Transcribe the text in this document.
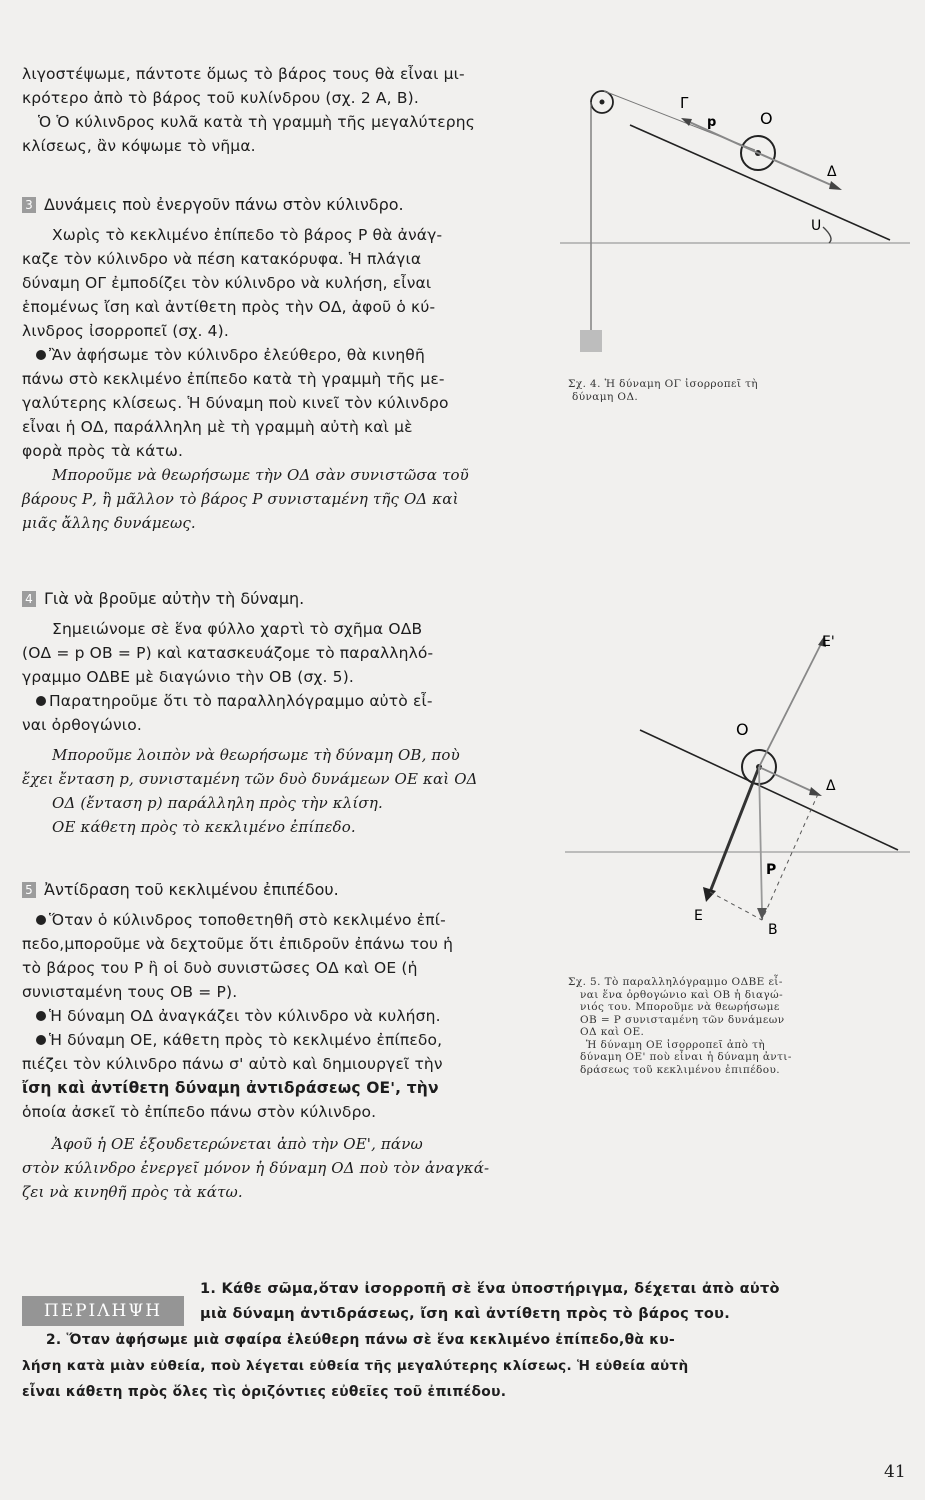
λιγοστέψωμε, πάντοτε ὅμως τὸ βάρος τους θὰ εἶναι μι-
κρότερο ἀπὸ τὸ βάρος τοῦ κυλίνδρου (σχ. 2 Α, Β).
Ὁ Ὁ κύλινδρος κυλᾶ κατὰ τὴ γραμμὴ τῆς μεγαλύτερης
κλίσεως, ἂν κόψωμε τὸ νῆμα.
3 Δυνάμεις ποὺ ἐνεργοῦν πάνω στὸν κύλινδρο.
Χωρὶς τὸ κεκλιμένο ἐπίπεδο τὸ βάρος Ρ θὰ ἀνάγ-
καζε τὸν κύλινδρο νὰ πέση κατακόρυφα. Ἡ πλάγια
δύναμη ΟΓ ἐμποδίζει τὸν κύλινδρο νὰ κυλήση, εἶναι
ἑπομένως ἴση καὶ ἀντίθετη πρὸς τὴν ΟΔ, ἀφοῦ ὁ κύ-
λινδρος ἰσορροπεῖ (σχ. 4).
Ἂν ἀφήσωμε τὸν κύλινδρο ἐλεύθερο, θὰ κινηθῆ
πάνω στὸ κεκλιμένο ἐπίπεδο κατὰ τὴ γραμμὴ τῆς με-
γαλύτερης κλίσεως. Ἡ δύναμη ποὺ κινεῖ τὸν κύλινδρο
εἶναι ἡ ΟΔ, παράλληλη μὲ τὴ γραμμὴ αὐτὴ καὶ μὲ
φορὰ πρὸς τὰ κάτω.
Μποροῦμε νὰ θεωρήσωμε τὴν ΟΔ σὰν συνιστῶσα τοῦ
βάρους Ρ, ἢ μᾶλλον τὸ βάρος Ρ συνισταμένη τῆς ΟΔ καὶ
μιᾶς ἄλλης δυνάμεως.
4 Γιὰ νὰ βροῦμε αὐτὴν τὴ δύναμη.
Σημειώνομε σὲ ἕνα φύλλο χαρτὶ τὸ σχῆμα ΟΔΒ
(ΟΔ = p ΟΒ = Ρ) καὶ κατασκευάζομε τὸ παραλληλό-
γραμμο ΟΔΒΕ μὲ διαγώνιο τὴν ΟΒ (σχ. 5).
Παρατηροῦμε ὅτι τὸ παραλληλόγραμμο αὐτὸ εἶ-
ναι ὀρθογώνιο.
Μποροῦμε λοιπὸν νὰ θεωρήσωμε τὴ δύναμη ΟΒ, ποὺ
ἔχει ἔνταση p, συνισταμένη τῶν δυὸ δυνάμεων ΟΕ καὶ ΟΔ
ΟΔ (ἔνταση p) παράλληλη πρὸς τὴν κλίση.
ΟΕ κάθετη πρὸς τὸ κεκλιμένο ἐπίπεδο.
5 Ἀντίδραση τοῦ κεκλιμένου ἐπιπέδου.
Ὅταν ὁ κύλινδρος τοποθετηθῆ στὸ κεκλιμένο ἐπί-
πεδο,μποροῦμε νὰ δεχτοῦμε ὅτι ἐπιδροῦν ἐπάνω του ἡ
τὸ βάρος του Ρ ἢ οἱ δυὸ συνιστῶσες ΟΔ καὶ ΟΕ (ἡ
συνισταμένη τους ΟΒ = Ρ).
Ἡ δύναμη ΟΔ ἀναγκάζει τὸν κύλινδρο νὰ κυλήση.
Ἡ δύναμη ΟΕ, κάθετη πρὸς τὸ κεκλιμένο ἐπίπεδο,
πιέζει τὸν κύλινδρο πάνω σ' αὐτὸ καὶ δημιουργεῖ τὴν
ἴση καὶ ἀντίθετη δύναμη ἀντιδράσεως ΟΕ', τὴν
ὁποία ἀσκεῖ τὸ ἐπίπεδο πάνω στὸν κύλινδρο.
Ἀφοῦ ἡ ΟΕ ἐξουδετερώνεται ἀπὸ τὴν ΟΕ', πάνω
στὸν κύλινδρο ἐνεργεῖ μόνον ἡ δύναμη ΟΔ ποὺ τὸν ἀναγκά-
ζει νὰ κινηθῆ πρὸς τὰ κάτω.
Γ
p	Ο
Δ
U
Σχ. 4. Ἡ δύναμη ΟΓ ἰσορροπεῖ τὴ
δύναμη ΟΔ.
Ε'
Ο
Δ
P
Ε
B
Σχ. 5. Τὸ παραλληλόγραμμο ΟΔΒΕ εἶ-
ναι ἕνα ὀρθογώνιο καὶ ΟΒ ἡ διαγώ-
νιός του. Μποροῦμε νὰ θεωρήσωμε
ΟΒ = Ρ συνισταμένη τῶν δυνάμεων
ΟΔ καὶ ΟΕ.
Ἡ δύναμη ΟΕ ἰσορροπεῖ ἀπὸ τὴ
δύναμη ΟΕ' ποὺ εἶναι ἡ δύναμη ἀντι-
δράσεως τοῦ κεκλιμένου ἐπιπέδου.
ΠΕΡΙΛΗΨΗ
1. Κάθε σῶμα,ὅταν ἰσορροπῆ σὲ ἕνα ὑποστήριγμα, δέχεται ἀπὸ αὐτὸ
μιὰ δύναμη ἀντιδράσεως, ἴση καὶ ἀντίθετη πρὸς τὸ βάρος του.
2. Ὅταν ἀφήσωμε μιὰ σφαίρα ἐλεύθερη πάνω σὲ ἕνα κεκλιμένο ἐπίπεδο,θὰ κυ-
λήση κατὰ μιὰν εὐθεία, ποὺ λέγεται εὐθεία τῆς μεγαλύτερης κλίσεως. Ἡ εὐθεία αὐτὴ
εἶναι κάθετη πρὸς ὅλες τὶς ὁριζόντιες εὐθεῖες τοῦ ἐπιπέδου.
41
